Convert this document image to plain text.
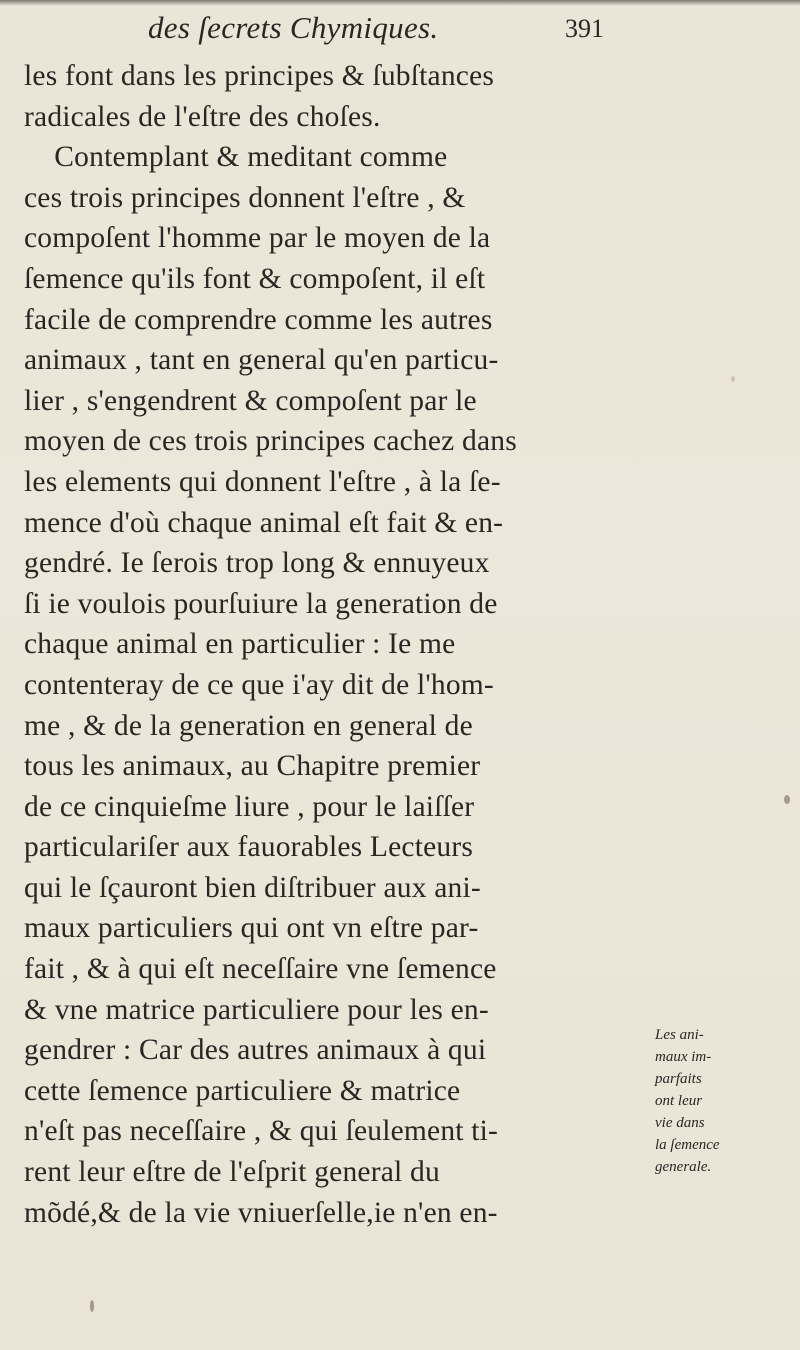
des ſecrets Chymiques.	391
les font dans les principes & ſubſtances
radicales de l'eſtre des choſes.
Contemplant & meditant comme
ces trois principes donnent l'eſtre , &
compoſent l'homme par le moyen de la
ſemence qu'ils font & compoſent, il eſt
facile de comprendre comme les autres
animaux , tant en general qu'en particu-
lier , s'engendrent & compoſent par le
moyen de ces trois principes cachez dans
les elements qui donnent l'eſtre , à la ſe-
mence d'où chaque animal eſt fait & en-
gendré. Ie ſerois trop long & ennuyeux
ſi ie voulois pourſuiure la generation de
chaque animal en particulier : Ie me
contenteray de ce que i'ay dit de l'hom-
me , & de la generation en general de
tous les animaux, au Chapitre premier
de ce cinquieſme liure , pour le laiſſer
particulariſer aux fauorables Lecteurs
qui le ſçauront bien diſtribuer aux ani-
maux particuliers qui ont vn eſtre par-
fait , & à qui eſt neceſſaire vne ſemence
& vne matrice particuliere pour les en-
gendrer : Car des autres animaux à qui
cette ſemence particuliere & matrice
n'eſt pas neceſſaire , & qui ſeulement ti-
rent leur eſtre de l'eſprit general du
mõdé,& de la vie vniuerſelle,ie n'en en-
Les ani-
maux im-
parfaits
ont leur
vie dans
la ſemence
generale.
